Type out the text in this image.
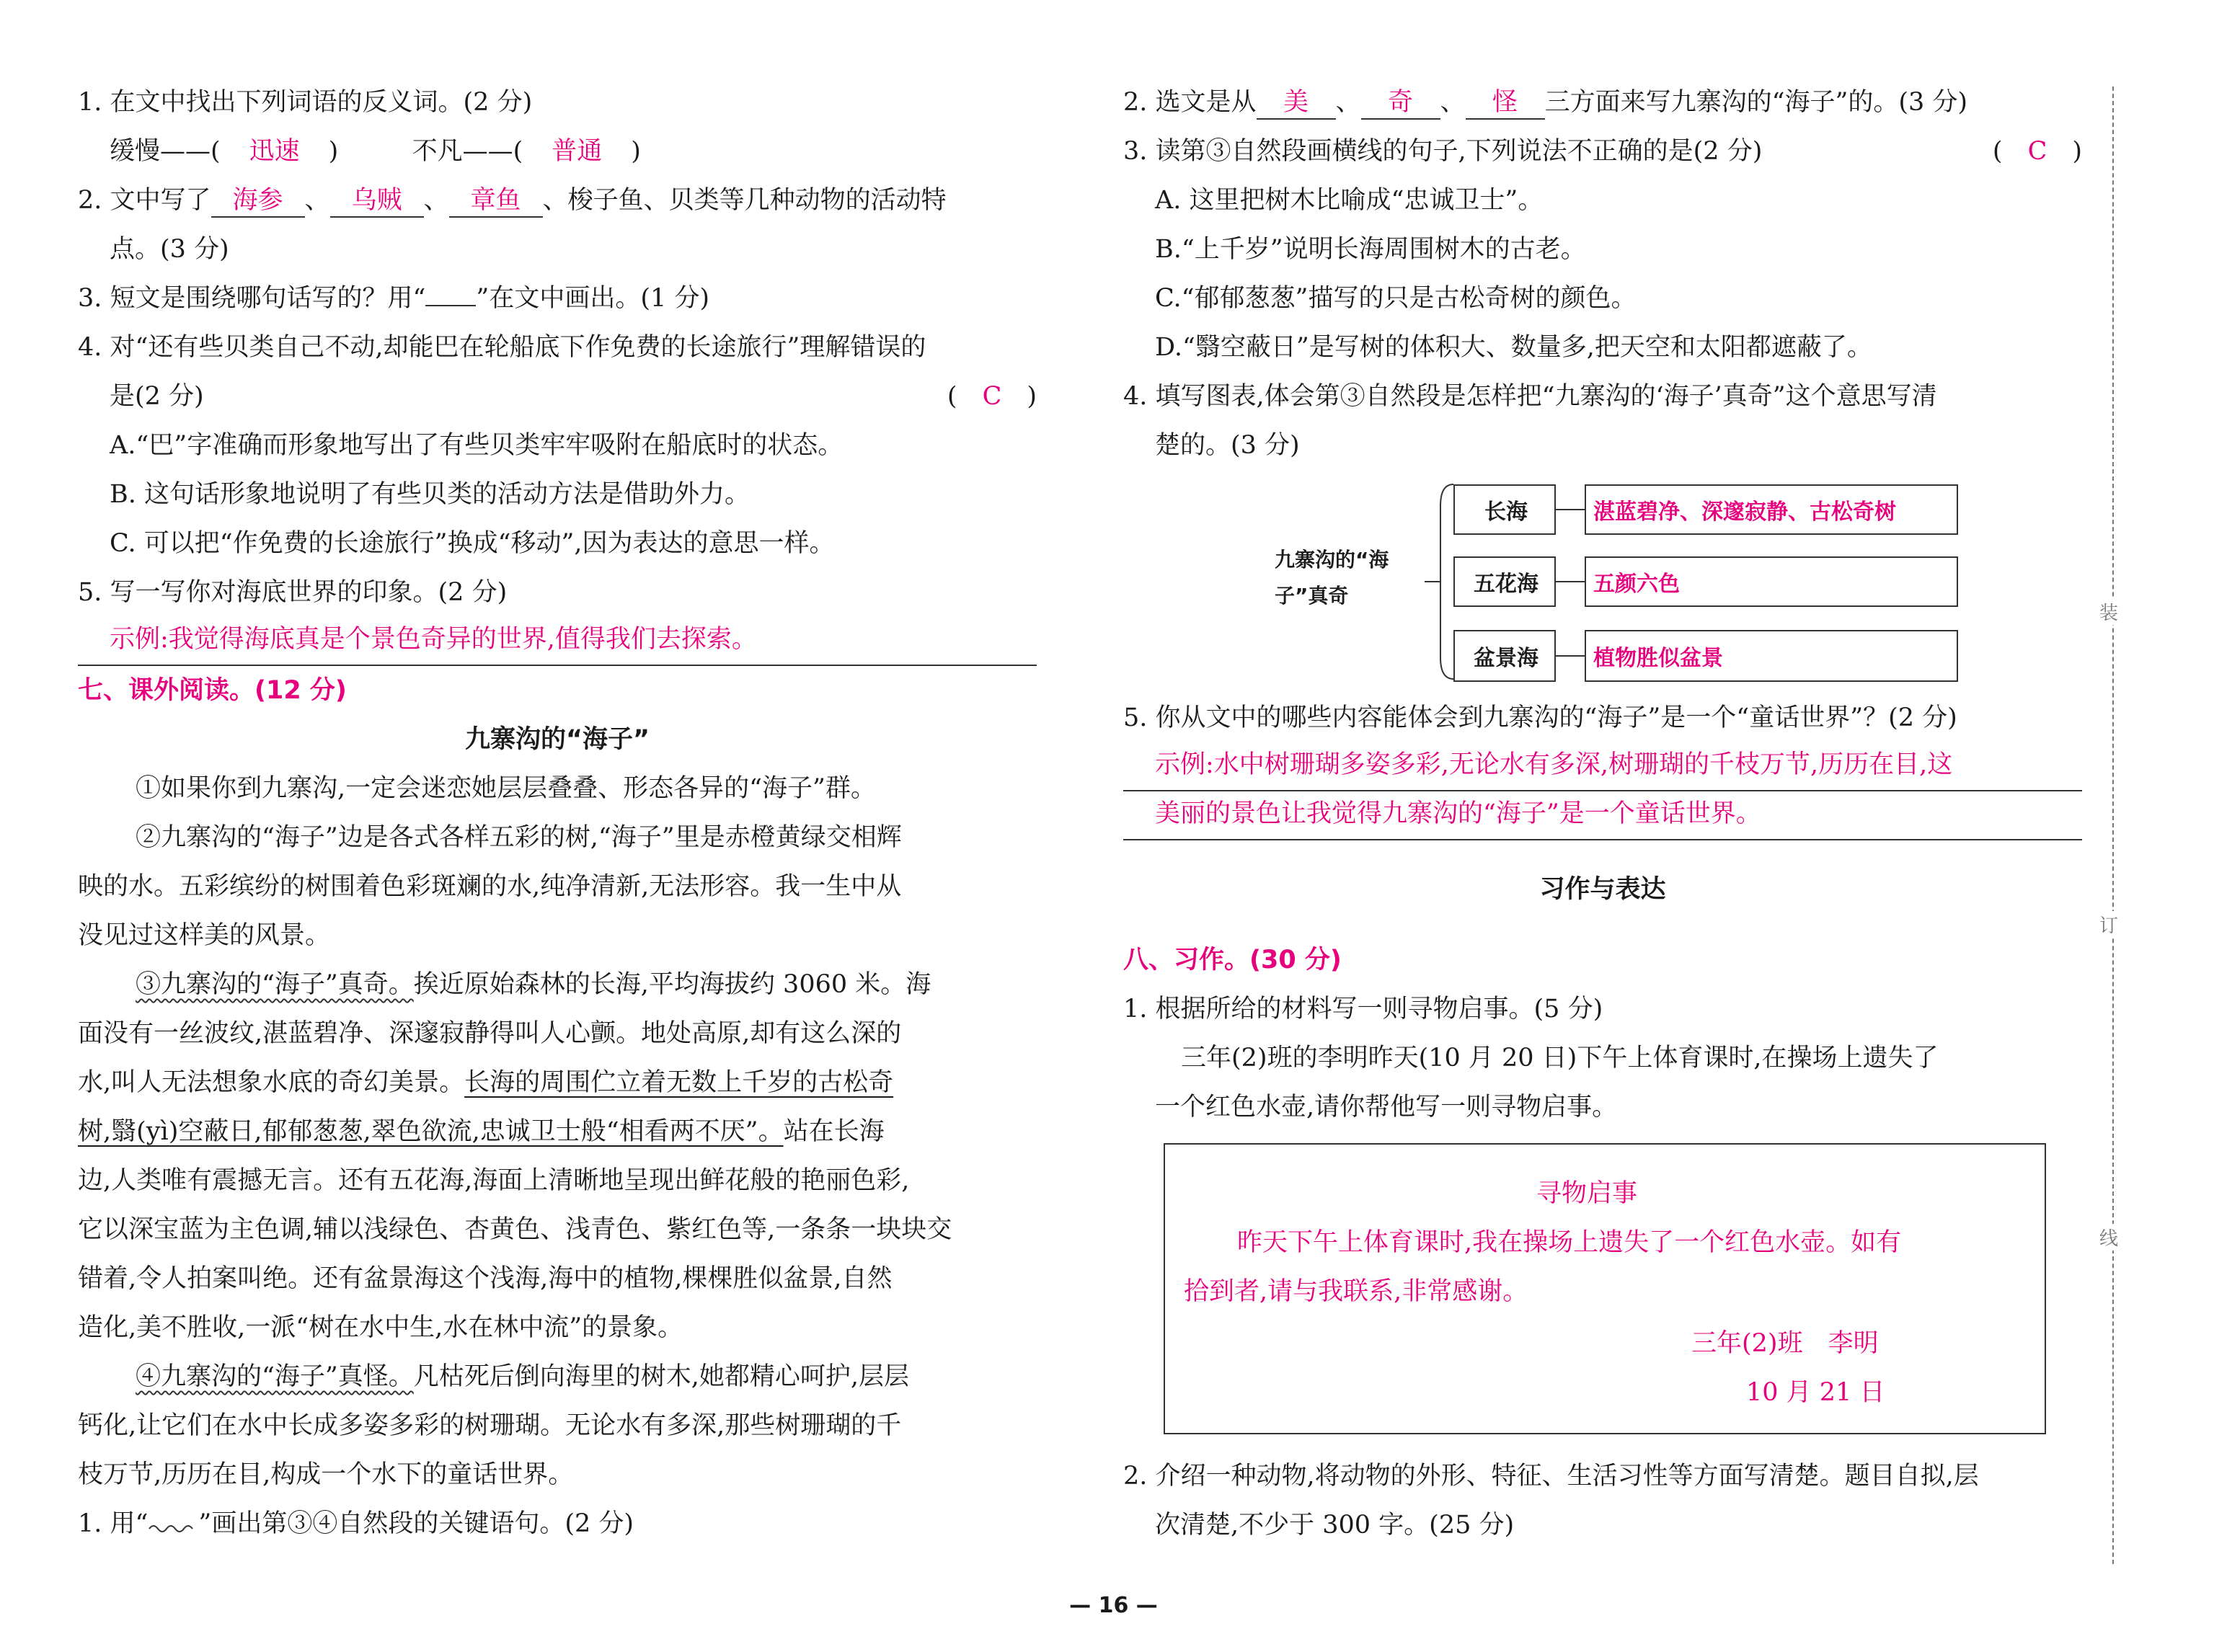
1. 在文中找出下列词语的反义词。(2 分)
缓慢——( 迅速 )	不凡——( 普通 )
2. 文中写了 海参 、 乌贼 、 章鱼 、梭子鱼、贝类等几种动物的活动特
点。(3 分)
3. 短文是围绕哪句话写的？用“ ”在文中画出。(1 分)
4. 对“还有些贝类自己不动,却能巴在轮船底下作免费的长途旅行”理解错误的
是(2 分)	(　C　)
A.“巴”字准确而形象地写出了有些贝类牢牢吸附在船底时的状态。
B. 这句话形象地说明了有些贝类的活动方法是借助外力。
C. 可以把“作免费的长途旅行”换成“移动”,因为表达的意思一样。
5. 写一写你对海底世界的印象。(2 分)
示例:我觉得海底真是个景色奇异的世界,值得我们去探索。
七、课外阅读。(12 分)
九寨沟的“海子”
①如果你到九寨沟,一定会迷恋她层层叠叠、形态各异的“海子”群。
②九寨沟的“海子”边是各式各样五彩的树,“海子”里是赤橙黄绿交相辉
映的水。五彩缤纷的树围着色彩斑斓的水,纯净清新,无法形容。我一生中从
没见过这样美的风景。
③九寨沟的“海子”真奇。挨近原始森林的长海,平均海拔约 3060 米。海
面没有一丝波纹,湛蓝碧净、深邃寂静得叫人心颤。地处高原,却有这么深的
水,叫人无法想象水底的奇幻美景。长海的周围伫立着无数上千岁的古松奇
树,翳(yì)空蔽日,郁郁葱葱,翠色欲流,忠诚卫士般“相看两不厌”。站在长海
边,人类唯有震撼无言。还有五花海,海面上清晰地呈现出鲜花般的艳丽色彩,
它以深宝蓝为主色调,辅以浅绿色、杏黄色、浅青色、紫红色等,一条条一块块交
错着,令人拍案叫绝。还有盆景海这个浅海,海中的植物,棵棵胜似盆景,自然
造化,美不胜收,一派“树在水中生,水在林中流”的景象。
④九寨沟的“海子”真怪。凡枯死后倒向海里的树木,她都精心呵护,层层
钙化,让它们在水中长成多姿多彩的树珊瑚。无论水有多深,那些树珊瑚的千
枝万节,历历在目,构成一个水下的童话世界。
1. 用“ ”画出第③④自然段的关键语句。(2 分)
2. 选文是从 美 、 奇 、 怪 三方面来写九寨沟的“海子”的。(3 分)
3. 读第③自然段画横线的句子,下列说法不正确的是(2 分)	(　C　)
A. 这里把树木比喻成“忠诚卫士”。
B.“上千岁”说明长海周围树木的古老。
C.“郁郁葱葱”描写的只是古松奇树的颜色。
D.“翳空蔽日”是写树的体积大、数量多,把天空和太阳都遮蔽了。
4. 填写图表,体会第③自然段是怎样把“九寨沟的‘海子’真奇”这个意思写清
楚的。(3 分)
九寨沟的“海
子”真奇
长海	湛蓝碧净、深邃寂静、古松奇树
五花海	五颜六色
盆景海	植物胜似盆景
5. 你从文中的哪些内容能体会到九寨沟的“海子”是一个“童话世界”？(2 分)
示例:水中树珊瑚多姿多彩,无论水有多深,树珊瑚的千枝万节,历历在目,这
美丽的景色让我觉得九寨沟的“海子”是一个童话世界。
习作与表达
八、习作。(30 分)
1. 根据所给的材料写一则寻物启事。(5 分)
三年(2)班的李明昨天(10 月 20 日)下午上体育课时,在操场上遗失了
一个红色水壶,请你帮他写一则寻物启事。
寻物启事
昨天下午上体育课时,我在操场上遗失了一个红色水壶。如有
拾到者,请与我联系,非常感谢。
三年(2)班　李明
10 月 21 日
2. 介绍一种动物,将动物的外形、特征、生活习性等方面写清楚。题目自拟,层
次清楚,不少于 300 字。(25 分)
装
订
线
— 16 —
